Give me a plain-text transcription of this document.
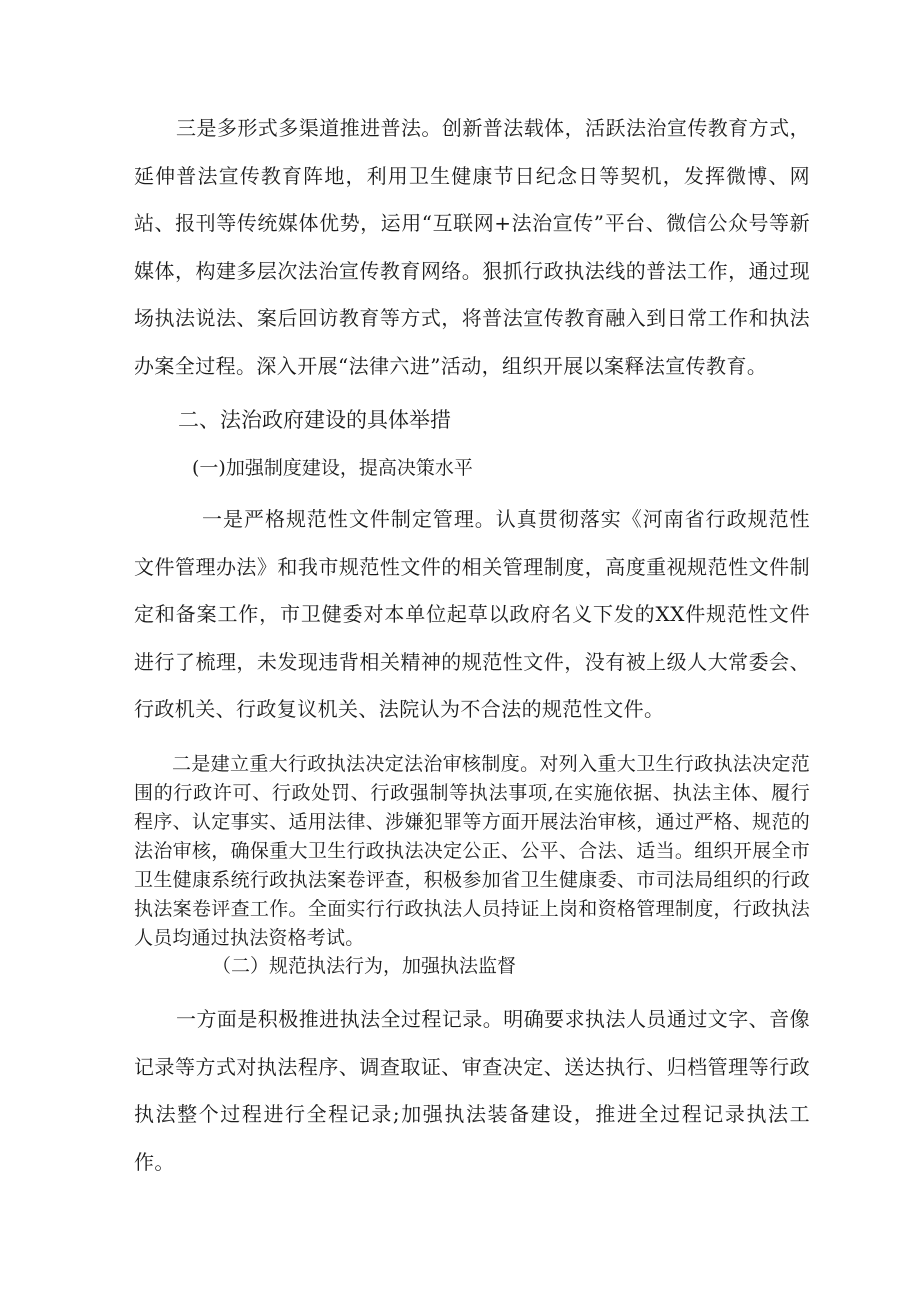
三是多形式多渠道推进普法。创新普法载体，活跃法治宣传教育方式，延伸普法宣传教育阵地，利用卫生健康节日纪念日等契机，发挥微博、网站、报刊等传统媒体优势，运用“互联网+法治宣传”平台、微信公众号等新媒体，构建多层次法治宣传教育网络。狠抓行政执法线的普法工作，通过现场执法说法、案后回访教育等方式，将普法宣传教育融入到日常工作和执法办案全过程。深入开展“法律六进”活动，组织开展以案释法宣传教育。

二、法治政府建设的具体举措
(一)加强制度建设，提高决策水平

一是严格规范性文件制定管理。认真贯彻落实《河南省行政规范性文件管理办法》和我市规范性文件的相关管理制度，高度重视规范性文件制定和备案工作，市卫健委对本单位起草以政府名义下发的XX件规范性文件进行了梳理，未发现违背相关精神的规范性文件，没有被上级人大常委会、行政机关、行政复议机关、法院认为不合法的规范性文件。

二是建立重大行政执法决定法治审核制度。对列入重大卫生行政执法决定范围的行政许可、行政处罚、行政强制等执法事项,在实施依据、执法主体、履行程序、认定事实、适用法律、涉嫌犯罪等方面开展法治审核，通过严格、规范的法治审核，确保重大卫生行政执法决定公正、公平、合法、适当。组织开展全市卫生健康系统行政执法案卷评查，积极参加省卫生健康委、市司法局组织的行政执法案卷评查工作。全面实行行政执法人员持证上岗和资格管理制度，行政执法人员均通过执法资格考试。

（二）规范执法行为，加强执法监督

一方面是积极推进执法全过程记录。明确要求执法人员通过文字、音像记录等方式对执法程序、调查取证、审查决定、送达执行、归档管理等行政执法整个过程进行全程记录;加强执法装备建设，推进全过程记录执法工作。
